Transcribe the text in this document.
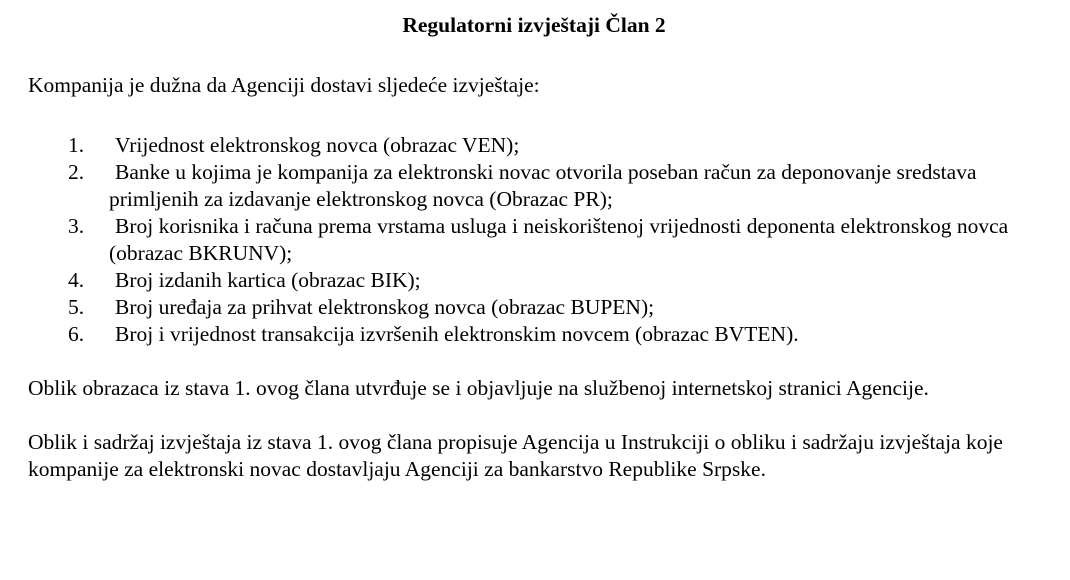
Regulatorni izvještaji Član 2

Kompanija je dužna da Agenciji dostavi sljedeće izvještaje:

1.	Vrijednost elektronskog novca (obrazac VEN);
2.	Banke u kojima je kompanija za elektronski novac otvorila poseban račun za deponovanje sredstava primljenih za izdavanje elektronskog novca (Obrazac PR);
3.	Broj korisnika i računa prema vrstama usluga i neiskorištenoj vrijednosti deponenta elektronskog novca (obrazac BKRUNV);
4.	Broj izdanih kartica (obrazac BIK);
5.	Broj uređaja za prihvat elektronskog novca (obrazac BUPEN);
6.	Broj i vrijednost transakcija izvršenih elektronskim novcem (obrazac BVTEN).

Oblik obrazaca iz stava 1. ovog člana utvrđuje se i objavljuje na službenoj internetskoj stranici Agencije.

Oblik i sadržaj izvještaja iz stava 1. ovog člana propisuje Agencija u Instrukciji o obliku i sadržaju izvještaja koje kompanije za elektronski novac dostavljaju Agenciji za bankarstvo Republike Srpske.
